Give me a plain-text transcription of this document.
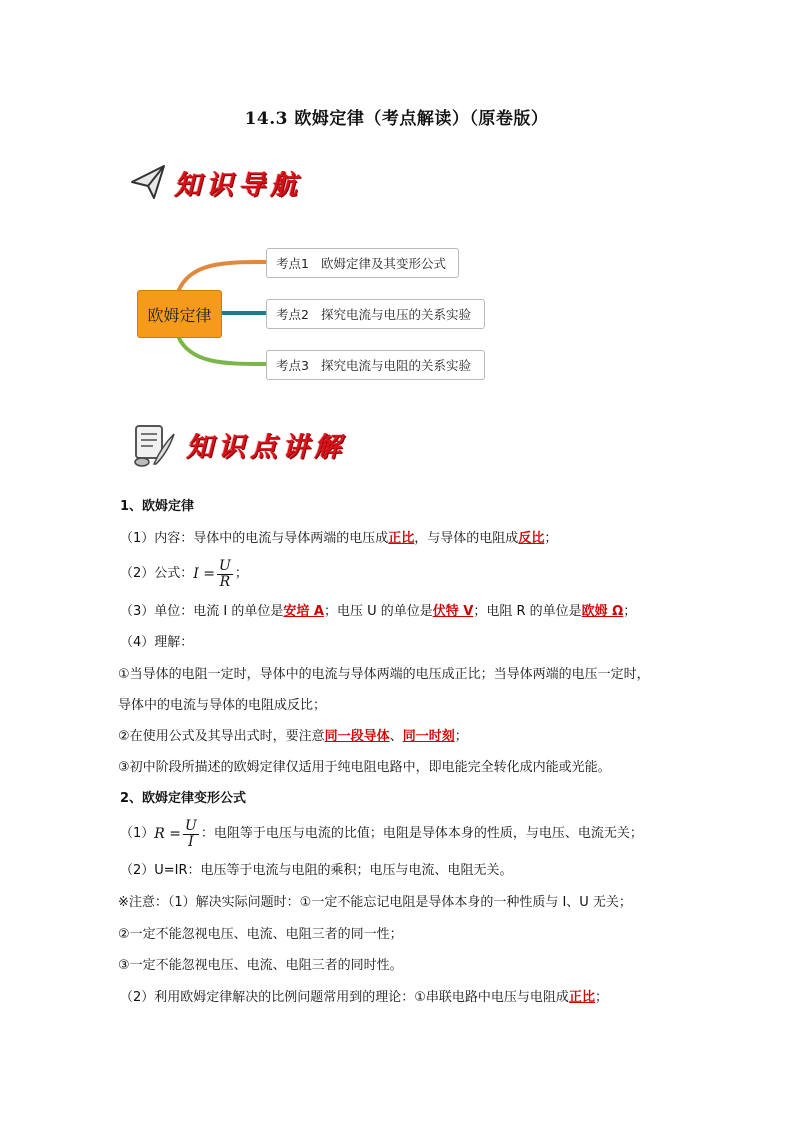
14.3 欧姆定律（考点解读）（原卷版）
知识导航
欧姆定律
考点1 欧姆定律及其变形公式
考点2 探究电流与电压的关系实验
考点3 探究电流与电阻的关系实验
知识点讲解
1、欧姆定律
（1）内容：导体中的电流与导体两端的电压成正比，与导体的电阻成反比；
（2）公式： $I = \frac{U}{R}$ ；
（3）单位：电流 I 的单位是安培 A；电压 U 的单位是伏特 V；电阻 R 的单位是欧姆 Ω；
（4）理解：
①当导体的电阻一定时，导体中的电流与导体两端的电压成正比；当导体两端的电压一定时，
导体中的电流与导体的电阻成反比；
②在使用公式及其导出式时，要注意同一段导体、同一时刻；
③初中阶段所描述的欧姆定律仅适用于纯电阻电路中，即电能完全转化成内能或光能。
2、欧姆定律变形公式
（1） $R = \frac{U}{I}$ ：电阻等于电压与电流的比值；电阻是导体本身的性质，与电压、电流无关；
（2）U=IR：电压等于电流与电阻的乘积；电压与电流、电阻无关。
※注意：（1）解决实际问题时：①一定不能忘记电阻是导体本身的一种性质与 I、U 无关；
②一定不能忽视电压、电流、电阻三者的同一性；
③一定不能忽视电压、电流、电阻三者的同时性。
（2）利用欧姆定律解决的比例问题常用到的理论：①串联电路中电压与电阻成正比；
